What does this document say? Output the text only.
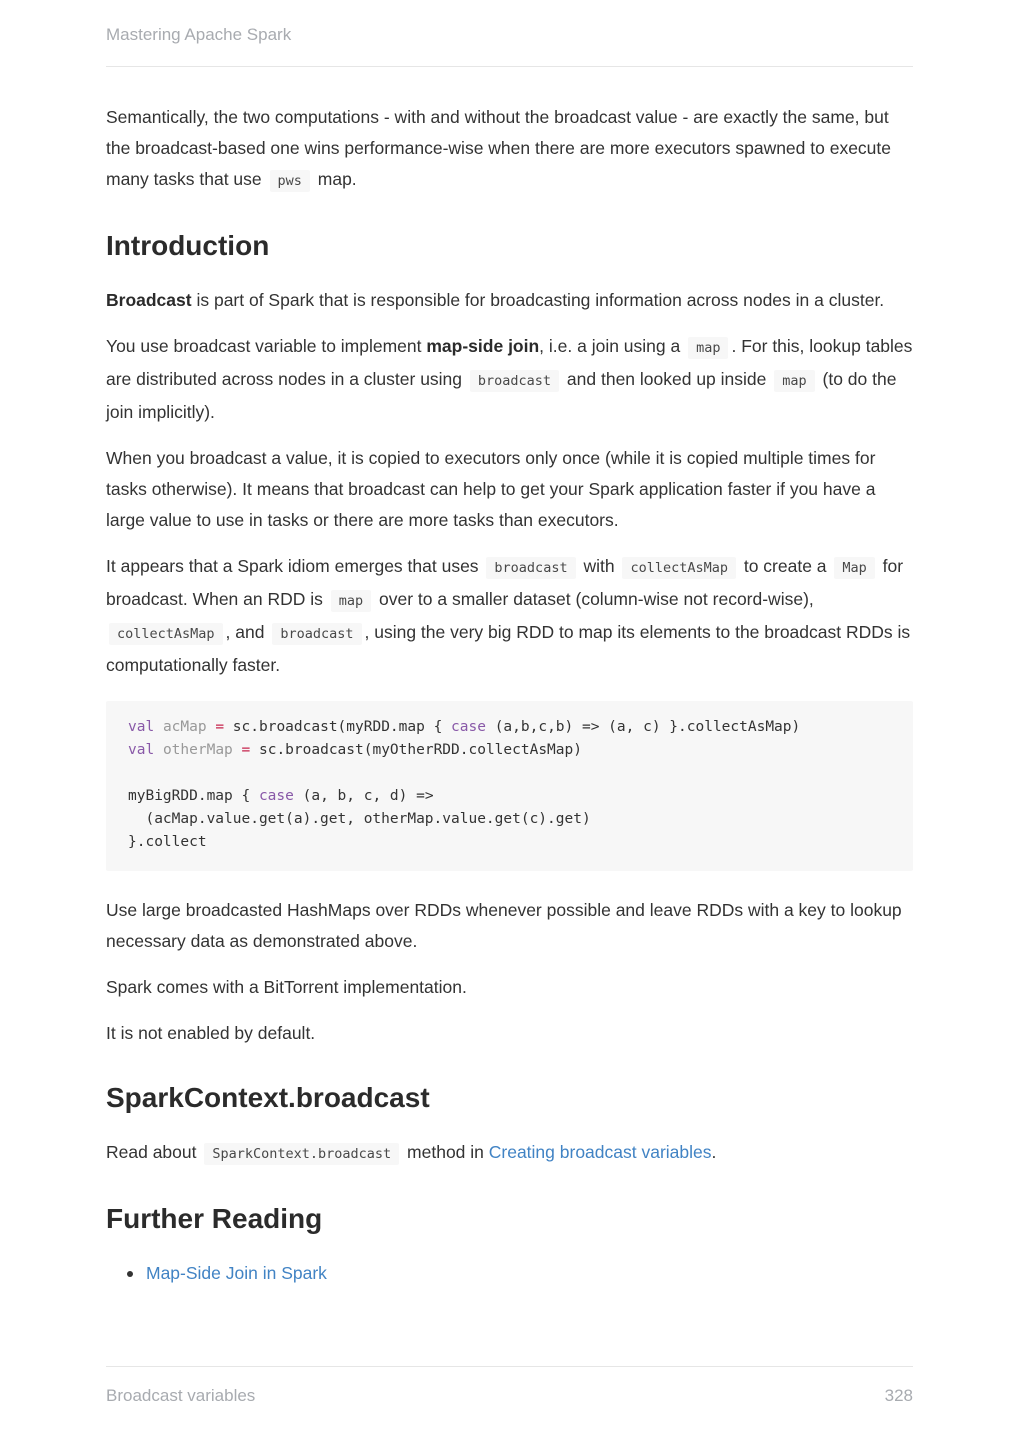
Mastering Apache Spark

Semantically, the two computations - with and without the broadcast value - are exactly the same, but the broadcast-based one wins performance-wise when there are more executors spawned to execute many tasks that use pws map.

Introduction

Broadcast is part of Spark that is responsible for broadcasting information across nodes in a cluster.

You use broadcast variable to implement map-side join, i.e. a join using a map . For this, lookup tables are distributed across nodes in a cluster using broadcast and then looked up inside map (to do the join implicitly).

When you broadcast a value, it is copied to executors only once (while it is copied multiple times for tasks otherwise). It means that broadcast can help to get your Spark application faster if you have a large value to use in tasks or there are more tasks than executors.

It appears that a Spark idiom emerges that uses broadcast with collectAsMap to create a Map for broadcast. When an RDD is map over to a smaller dataset (column-wise not record-wise), collectAsMap , and broadcast , using the very big RDD to map its elements to the broadcast RDDs is computationally faster.

val acMap = sc.broadcast(myRDD.map { case (a,b,c,b) => (a, c) }.collectAsMap)
val otherMap = sc.broadcast(myOtherRDD.collectAsMap)

myBigRDD.map { case (a, b, c, d) =>
(acMap.value.get(a).get, otherMap.value.get(c).get)
}.collect

Use large broadcasted HashMaps over RDDs whenever possible and leave RDDs with a key to lookup necessary data as demonstrated above.

Spark comes with a BitTorrent implementation.

It is not enabled by default.

SparkContext.broadcast

Read about SparkContext.broadcast method in Creating broadcast variables.

Further Reading
Map-Side Join in Spark
Broadcast variables	328
